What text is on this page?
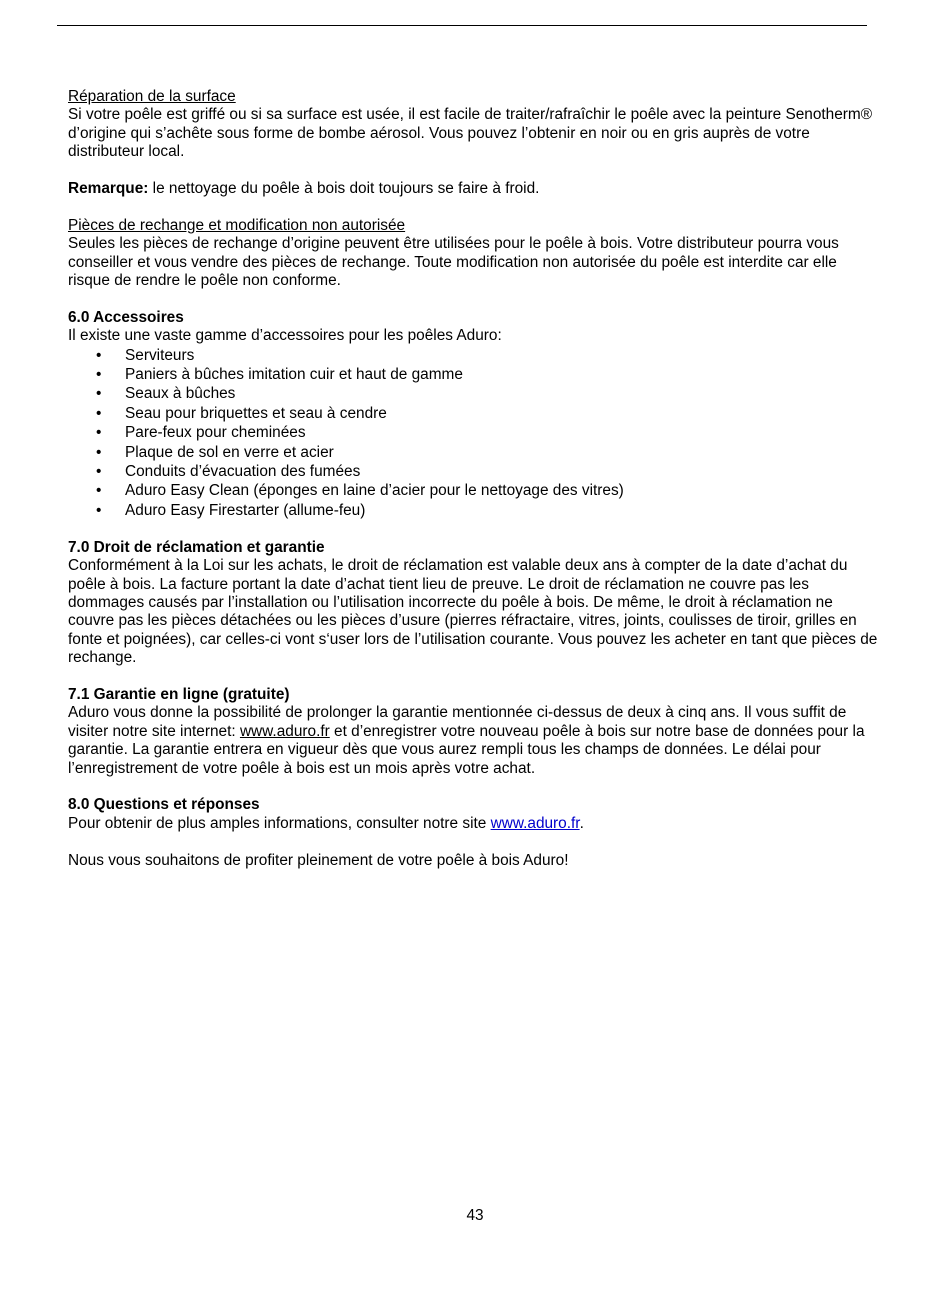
Réparation de la surface

Si votre poêle est griffé ou si sa surface est usée, il est facile de traiter/rafraîchir le poêle avec la peinture Senotherm® d’origine qui s’achête sous forme de bombe aérosol. Vous pouvez l’obtenir en noir ou en gris auprès de votre distributeur local.

Remarque: le nettoyage du poêle à bois doit toujours se faire à froid.

Pièces de rechange et modification non autorisée

Seules les pièces de rechange d’origine peuvent être utilisées pour le poêle à bois. Votre distributeur pourra vous conseiller et vous vendre des pièces de rechange. Toute modification non autorisée du poêle est interdite car elle risque de rendre le poêle non conforme.

6.0 Accessoires

Il existe une vaste gamme d’accessoires pour les poêles Aduro:

• Serviteurs
• Paniers à bûches imitation cuir et haut de gamme
• Seaux à bûches
• Seau pour briquettes et seau à cendre
• Pare-feux pour cheminées
• Plaque de sol en verre et acier
• Conduits d’évacuation des fumées
• Aduro Easy Clean (éponges en laine d’acier pour le nettoyage des vitres)
• Aduro Easy Firestarter (allume-feu)

7.0 Droit de réclamation et garantie

Conformément à la Loi sur les achats, le droit de réclamation est valable deux ans à compter de la date d’achat du poêle à bois. La facture portant la date d’achat tient lieu de preuve. Le droit de réclamation ne couvre pas les dommages causés par l’installation ou l’utilisation incorrecte du poêle à bois. De même, le droit à réclamation ne couvre pas les pièces détachées ou les pièces d’usure (pierres réfractaire, vitres, joints, coulisses de tiroir, grilles en fonte et poignées), car celles-ci vont s‘user lors de l’utilisation courante. Vous pouvez les acheter en tant que pièces de rechange.

7.1 Garantie en ligne (gratuite)

Aduro vous donne la possibilité de prolonger la garantie mentionnée ci-dessus de deux à cinq ans. Il vous suffit de visiter notre site internet: www.aduro.fr et d’enregistrer votre nouveau poêle à bois sur notre base de données pour la garantie. La garantie entrera en vigueur dès que vous aurez rempli tous les champs de données. Le délai pour l’enregistrement de votre poêle à bois est un mois après votre achat.

8.0 Questions et réponses

Pour obtenir de plus amples informations, consulter notre site www.aduro.fr.

Nous vous souhaitons de profiter pleinement de votre poêle à bois Aduro!

43
